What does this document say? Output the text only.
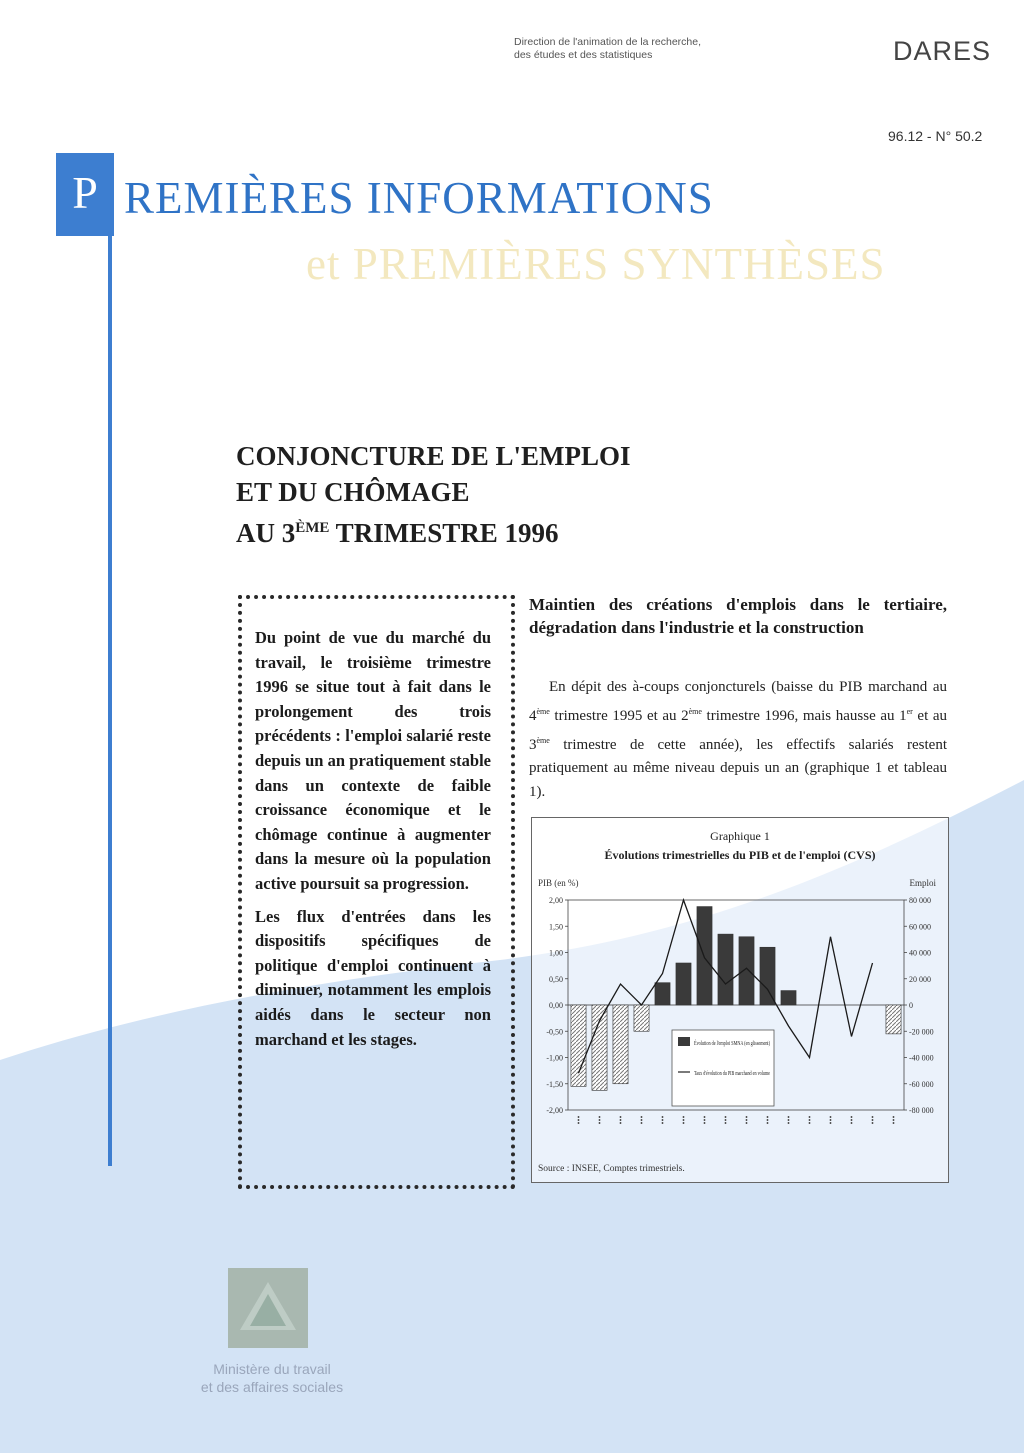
Direction de l'animation de la recherche,
des études et des statistiques	DARES
96.12 - N° 50.2
P REMIÈRES INFORMATIONS
et PREMIÈRES SYNTHÈSES
CONJONCTURE DE L'EMPLOI
ET DU CHÔMAGE
AU 3ÈME TRIMESTRE 1996

Du point de vue du marché du travail, le troisième trimestre 1996 se situe tout à fait dans le prolongement des trois précédents : l'emploi salarié reste depuis un an pratiquement stable dans un contexte de faible croissance économique et le chômage continue à augmenter dans la mesure où la population active poursuit sa progression.

Les flux d'entrées dans les dispositifs spécifiques de politique d'emploi continuent à diminuer, notamment les emplois aidés dans le secteur non marchand et les stages.

Maintien des créations d'emplois dans le tertiaire, dégradation dans l'industrie et la construction
En dépit des à-coups conjoncturels (baisse du PIB marchand au 4ème trimestre 1995 et au 2ème trimestre 1996, mais hausse au 1er et au 3ème trimestre de cette année), les effectifs salariés restent pratiquement au même niveau depuis un an (graphique 1 et tableau 1).
Graphique 1
Évolutions trimestrielles du PIB et de l'emploi (CVS)
PIB (en %)	Emploi
2,00
1,50
1,00
0,50
0,00
-0,50
-1,00
-1,50
-2,00
80 000
60 000
40 000
20 000
0
-20 000
-40 000
-60 000
-80 000
Évolution de l'emploi SMNA (en glissement)
Taux d'évolution du PIB marchand en volume
Source : INSEE, Comptes trimestriels.
Ministère du travail
et des affaires sociales
